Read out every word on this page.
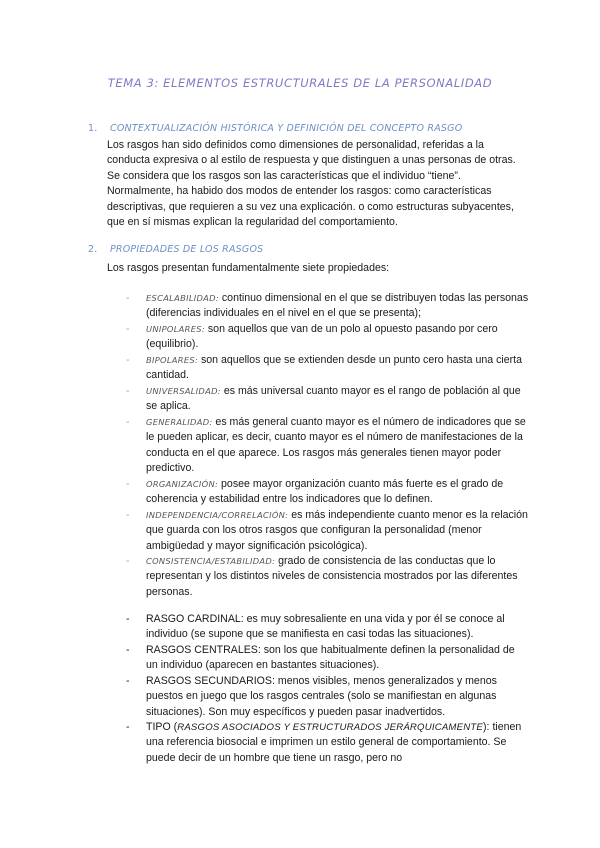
TEMA 3: ELEMENTOS ESTRUCTURALES DE LA PERSONALIDAD
1. CONTEXTUALIZACIÓN HISTÓRICA Y DEFINICIÓN DEL CONCEPTO RASGO

Los rasgos han sido definidos como dimensiones de personalidad, referidas a la conducta expresiva o al estilo de respuesta y que distinguen a unas personas de otras. Se considera que los rasgos son las características que el individuo “tiene”. Normalmente, ha habido dos modos de entender los rasgos: como características descriptivas, que requieren a su vez una explicación. o como estructuras subyacentes, que en sí mismas explican la regularidad del comportamiento.

2. PROPIEDADES DE LOS RASGOS

Los rasgos presentan fundamentalmente siete propiedades:

-	ESCALABILIDAD: continuo dimensional en el que se distribuyen todas las personas (diferencias individuales en el nivel en el que se presenta);
-	UNIPOLARES: son aquellos que van de un polo al opuesto pasando por cero (equilibrio).
-	BIPOLARES: son aquellos que se extienden desde un punto cero hasta una cierta cantidad.
-	UNIVERSALIDAD: es más universal cuanto mayor es el rango de población al que se aplica.
-	GENERALIDAD: es más general cuanto mayor es el número de indicadores que se le pueden aplicar, es decir, cuanto mayor es el número de manifestaciones de la conducta en el que aparece. Los rasgos más generales tienen mayor poder predictivo.
-	ORGANIZACIÓN: posee mayor organización cuanto más fuerte es el grado de coherencia y estabilidad entre los indicadores que lo definen.
-	INDEPENDENCIA/CORRELACIÓN: es más independiente cuanto menor es la relación que guarda con los otros rasgos que configuran la personalidad (menor ambigüedad y mayor significación psicológica).
-	CONSISTENCIA/ESTABILIDAD: grado de consistencia de las conductas que lo representan y los distintos niveles de consistencia mostrados por las diferentes personas.
-	RASGO CARDINAL: es muy sobresaliente en una vida y por él se conoce al individuo (se supone que se manifiesta en casi todas las situaciones).
-	RASGOS CENTRALES: son los que habitualmente definen la personalidad de un individuo (aparecen en bastantes situaciones).
-	RASGOS SECUNDARIOS: menos visibles, menos generalizados y menos puestos en juego que los rasgos centrales (solo se manifiestan en algunas situaciones). Son muy específicos y pueden pasar inadvertidos.
-	TIPO (RASGOS ASOCIADOS Y ESTRUCTURADOS JERÁRQUICAMENTE): tienen una referencia biosocial e imprimen un estilo general de comportamiento. Se puede decir de un hombre que tiene un rasgo, pero no
